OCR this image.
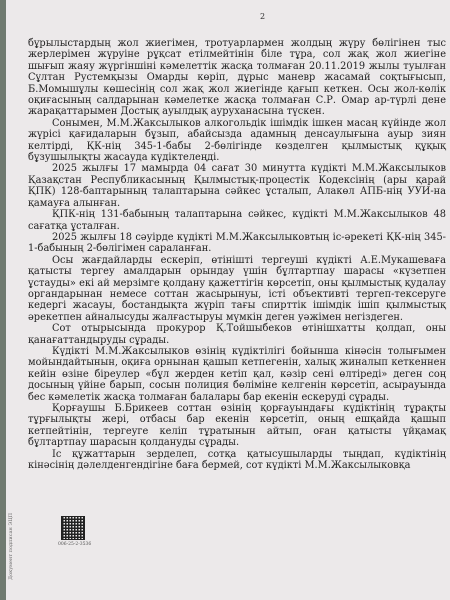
2
Документ подписан ЭЦП

бұрылыстардың жол жиегімен, тротуарлармен жолдың жүру бөлігінен тыс жерлерімен жүруіне рұқсат етілмейтінін біле тұра, сол жақ жол жиегіне шығып жаяу жүргіншіні кәмелеттік жасқа толмаған 20.11.2019 жылы туылған Сұлтан Рустемқызы Омарды көріп, дұрыс маневр жасамай соқтығысып, Б.Момышұлы көшесінің сол жақ жол жиегінде қағып кеткен. Осы жол-көлік оқиғасының салдарынан кәмелетке жасқа толмаған С.Р. Омар ар-түрлі дене жарақаттарымен Достық ауылдық ауруханасына түскен.

Сонымен, М.М.Жаксылыков алкогольдік ішімдік ішкен масаң күйінде жол жүрісі қағидаларын бұзып, абайсызда адамның денсаулығына ауыр зиян келтірді, ҚК-нің 345-1-бабы 2-бөлігінде көзделген қылмыстық құқық бұзушылықты жасауда күдіктелеңді.

2025 жылғы 17 мамырда 04 сағат 30 минутта күдікті М.М.Жаксылыков Қазақстан Республикасының Қылмыстық-процестік Кодексінің (ары қарай ҚПК) 128-баптарының талаптарына сәйкес ұсталып, Алакөл АПБ-нің УУИ-на қамауға алынған.

ҚПК-нің 131-бабының талаптарына сәйкес, күдікті М.М.Жаксылыков 48 сағатқа ұсталған.

2025 жылғы 18 сәуірде күдікті М.М.Жаксылыковтың іс-әрекеті ҚК-нің 345-1-бабының 2-бөлігімен сараланған.

Осы жағдайларды ескеріп, өтінішті тергеуші күдікті А.Е.Мукашеваға қатысты тергеу амалдарын орындау үшін бұлтартпау шарасы «күзетпен ұстауды» екі ай мерзімге қолдану қажеттігін көрсетіп, оны қылмыстық қудалау органдарынан немесе соттан жасырынуы, істі объективті тергеп-тексеруге кедергі жасауы, бостандықта жүріп тағы спирттік ішімдік ішіп қылмыстық әрекетпен айналысуды жалғастыруы мүмкін деген уәжімен негіздеген.

Сот отырысында прокурор Қ.Тойшыбеков өтінішхатты қолдап, оны қанағаттандыруды сұрады.

Күдікті М.М.Жаксылыков өзінің күдіктілігі бойынша кінәсін толығымен мойындайтынын, оқиға орнынан қашып кетпегенін, халық жиналып кеткеннен кейін өзіне біреулер «бұл жерден кетіп қал, кәзір сені өлтіреді» деген соң досының үйіне барып, сосын полиция бөліміне келгенін көрсетіп, асырауында бес кәмелетік жасқа толмаған балалары бар екенін ескеруді сұрады.

Қорғаушы Б.Брикеев соттан өзінің қорғауындағы күдіктінің тұрақты тұрғылықты жері, отбасы бар екенін көрсетіп, оның ешқайда қашып кетпейтінін, тергеуге келіп тұратынын айтып, оған қатысты үйқамақ бұлтартпау шарасын қолдануды сұрады.

Іс құжаттарын зерделеп, сотқа қатысушыларды тыңдап, күдіктінің кінәсінің дәлелденгендігіне баға бермей, сот күдікті М.М.Жаксылыковқа

006-25-2-3536
